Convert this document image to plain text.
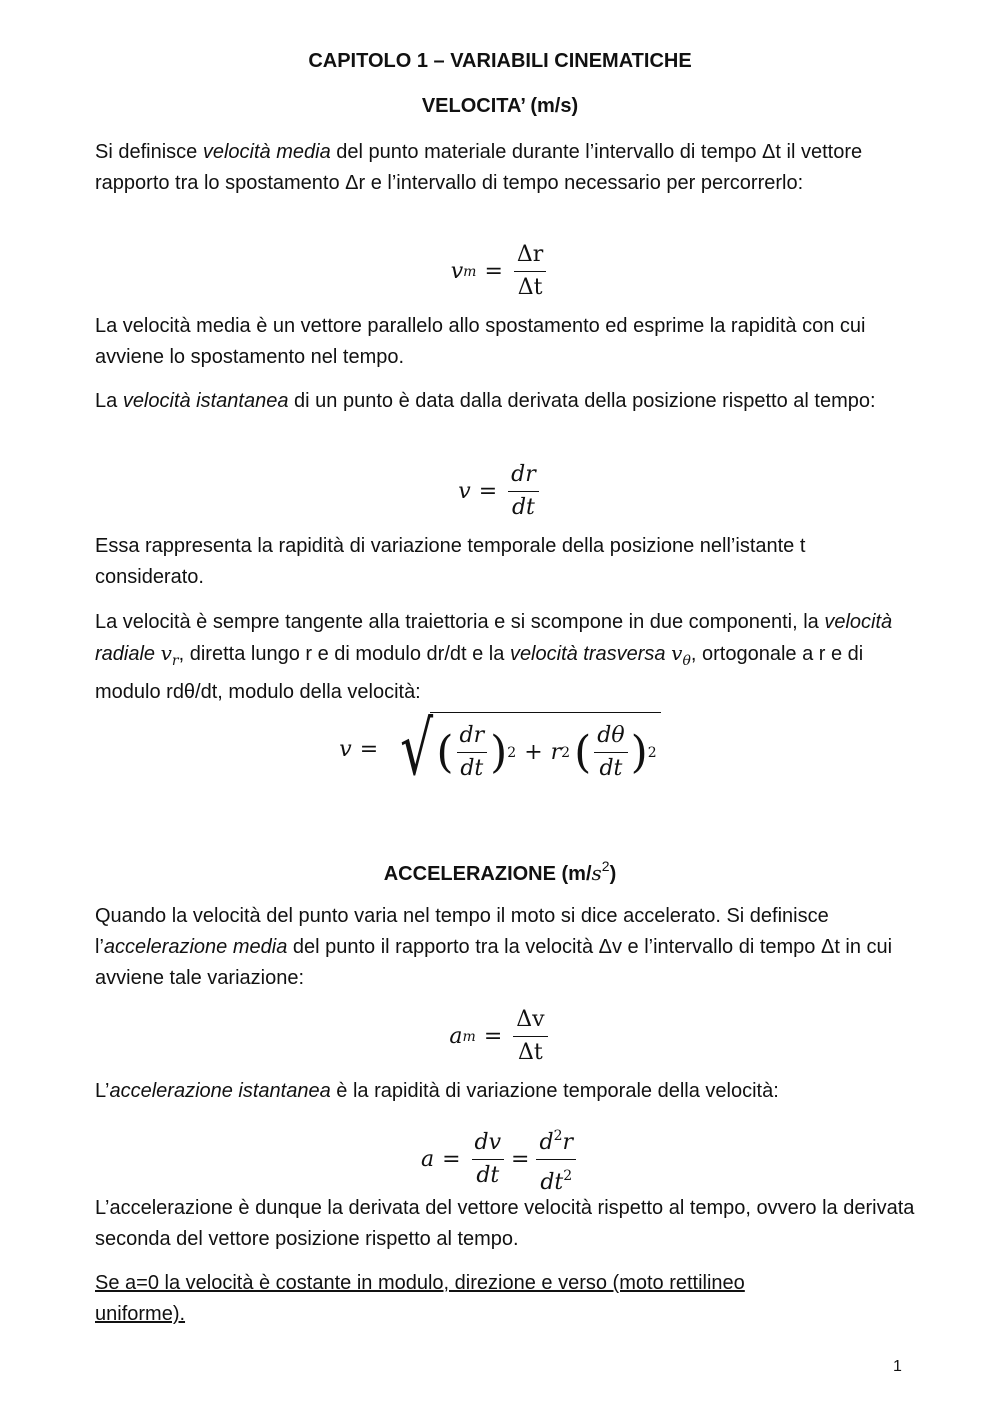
CAPITOLO 1 – VARIABILI CINEMATICHE
VELOCITA’ (m/s)

Si definisce velocità media del punto materiale durante l’intervallo di tempo Δt il vettore rapporto tra lo spostamento Δr e l’intervallo di tempo necessario per percorrerlo:

v $m = \frac{\Delta r}{\Delta t}$

La velocità media è un vettore parallelo allo spostamento ed esprime la rapidità con cui avviene lo spostamento nel tempo.

La velocità istantanea di un punto è data dalla derivata della posizione rispetto al tempo:

$v = \frac{dr}{dt}$

Essa rappresenta la rapidità di variazione temporale della posizione nell’istante t considerato.

La velocità è sempre tangente alla traiettoria e si scompone in due componenti, la velocità radiale $v_r$, diretta lungo r e di modulo dr/dt e la velocità trasversa $v_\theta$, ortogonale a r e di modulo rdθ/dt, modulo della velocità:

v = √ ( $\frac{dr}{dt}$ ) 2 + r 2 ( $\frac{d\theta}{dt}$ ) 2
ACCELERAZIONE $(m/s^2)$

Quando la velocità del punto varia nel tempo il moto si dice accelerato. Si definisce l’accelerazione media del punto il rapporto tra la velocità Δv e l’intervallo di tempo Δt in cui avviene tale variazione:

a $m = \frac{\Delta v}{\Delta t}$

L’accelerazione istantanea è la rapidità di variazione temporale della velocità:

$a = \frac{dv}{dt} = \frac{d^2r}{dt^2}$

L’accelerazione è dunque la derivata del vettore velocità rispetto al tempo, ovvero la derivata seconda del vettore posizione rispetto al tempo.

Se a=0 la velocità è costante in modulo, direzione e verso (moto rettilineo uniforme).

1
